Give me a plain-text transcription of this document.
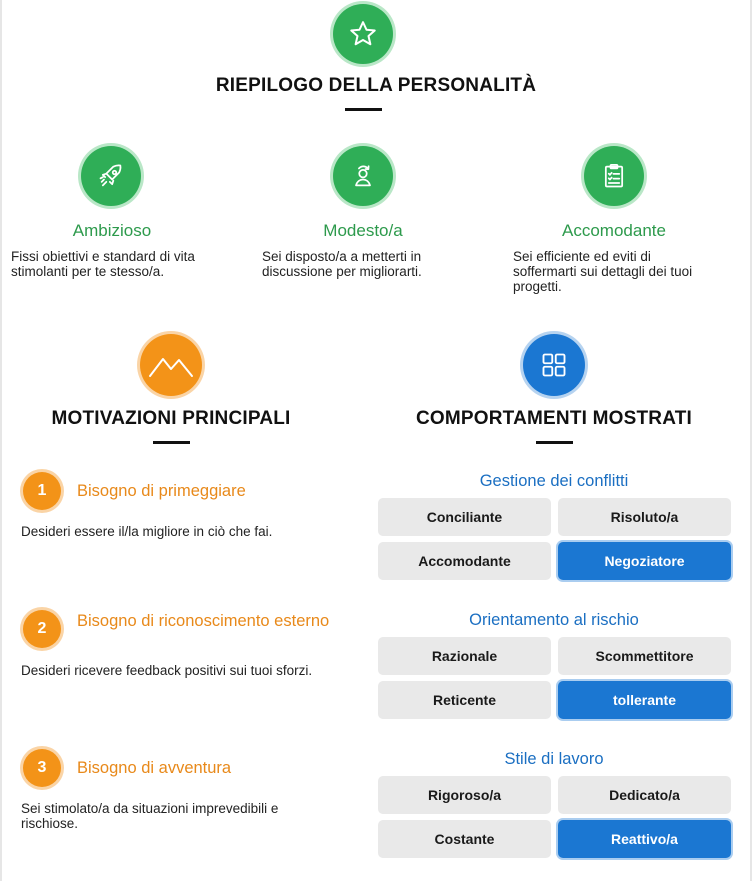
RIEPILOGO DELLA PERSONALITÀ
Ambizioso
Fissi obiettivi e standard di vita stimolanti per te stesso/a.
Modesto/a
Sei disposto/a a metterti in discussione per migliorarti.
Accomodante
Sei efficiente ed eviti di soffermarti sui dettagli dei tuoi progetti.
MOTIVAZIONI PRINCIPALI
1	Bisogno di primeggiare
Desideri essere il/la migliore in ciò che fai.
2	Bisogno di riconoscimento esterno
Desideri ricevere feedback positivi sui tuoi sforzi.
3	Bisogno di avventura
Sei stimolato/a da situazioni imprevedibili e rischiose.
COMPORTAMENTI MOSTRATI
Gestione dei conflitti
Conciliante	Risoluto/a
Accomodante	Negoziatore
Orientamento al rischio
Razionale	Scommettitore
Reticente	tollerante
Stile di lavoro
Rigoroso/a	Dedicato/a
Costante	Reattivo/a
